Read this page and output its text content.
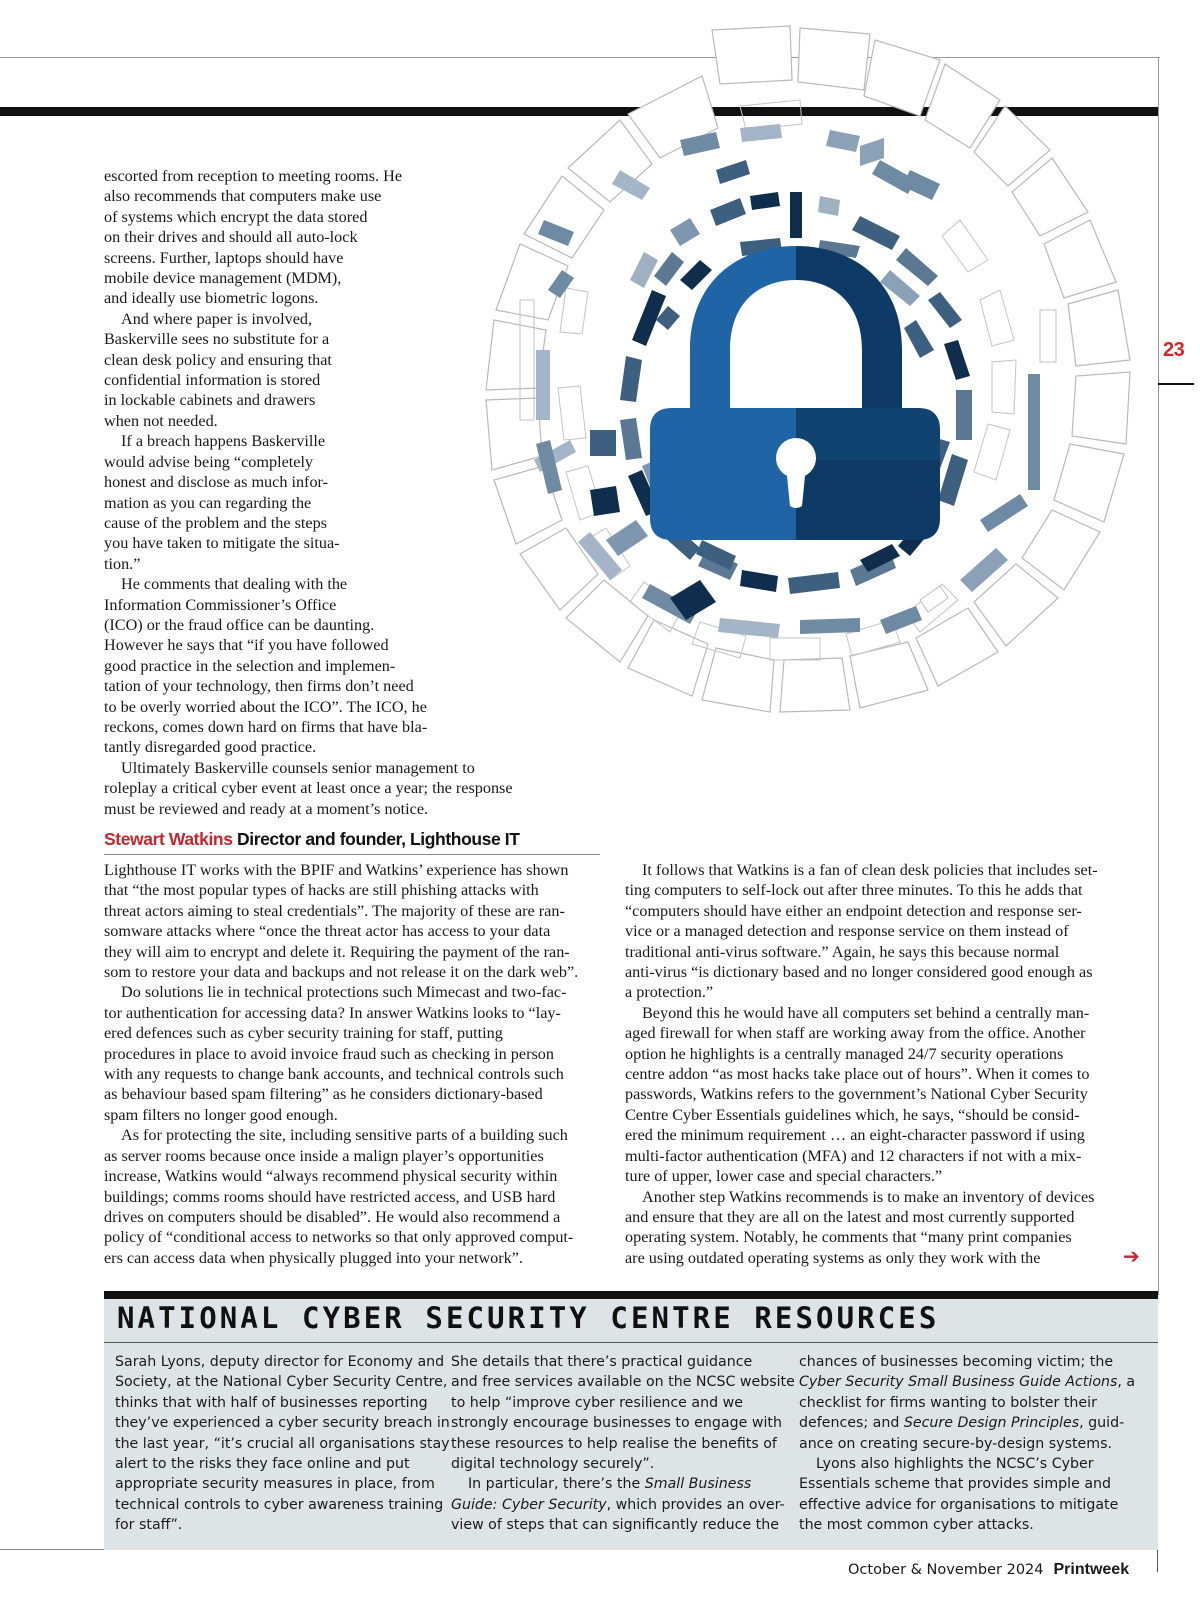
23
escorted from reception to meeting rooms. He
also recommends that computers make use
of systems which encrypt the data stored
on their drives and should all auto-lock
screens. Further, laptops should have
mobile device management (MDM),
and ideally use biometric logons.
And where paper is involved,
Baskerville sees no substitute for a
clean desk policy and ensuring that
confidential information is stored
in lockable cabinets and drawers
when not needed.
If a breach happens Baskerville
would advise being “completely
honest and disclose as much infor-
mation as you can regarding the
cause of the problem and the steps
you have taken to mitigate the situa-
tion.”
He comments that dealing with the
Information Commissioner’s Office
(ICO) or the fraud office can be daunting.
However he says that “if you have followed
good practice in the selection and implemen-
tation of your technology, then firms don’t need
to be overly worried about the ICO”. The ICO, he
reckons, comes down hard on firms that have bla-
tantly disregarded good practice.
Ultimately Baskerville counsels senior management to
roleplay a critical cyber event at least once a year; the response
must be reviewed and ready at a moment’s notice.
Stewart Watkins Director and founder, Lighthouse IT
Lighthouse IT works with the BPIF and Watkins’ experience has shown
that “the most popular types of hacks are still phishing attacks with
threat actors aiming to steal credentials”. The majority of these are ran-
somware attacks where “once the threat actor has access to your data
they will aim to encrypt and delete it. Requiring the payment of the ran-
som to restore your data and backups and not release it on the dark web”.
Do solutions lie in technical protections such Mimecast and two-fac-
tor authentication for accessing data? In answer Watkins looks to “lay-
ered defences such as cyber security training for staff, putting
procedures in place to avoid invoice fraud such as checking in person
with any requests to change bank accounts, and technical controls such
as behaviour based spam filtering” as he considers dictionary-based
spam filters no longer good enough.
As for protecting the site, including sensitive parts of a building such
as server rooms because once inside a malign player’s opportunities
increase, Watkins would “always recommend physical security within
buildings; comms rooms should have restricted access, and USB hard
drives on computers should be disabled”. He would also recommend a
policy of “conditional access to networks so that only approved comput-
ers can access data when physically plugged into your network”.
It follows that Watkins is a fan of clean desk policies that includes set-
ting computers to self-lock out after three minutes. To this he adds that
“computers should have either an endpoint detection and response ser-
vice or a managed detection and response service on them instead of
traditional anti-virus software.” Again, he says this because normal
anti-virus “is dictionary based and no longer considered good enough as
a protection.”
Beyond this he would have all computers set behind a centrally man-
aged firewall for when staff are working away from the office. Another
option he highlights is a centrally managed 24/7 security operations
centre addon “as most hacks take place out of hours”. When it comes to
passwords, Watkins refers to the government’s National Cyber Security
Centre Cyber Essentials guidelines which, he says, “should be consid-
ered the minimum requirement … an eight-character password if using
multi-factor authentication (MFA) and 12 characters if not with a mix-
ture of upper, lower case and special characters.”
Another step Watkins recommends is to make an inventory of devices
and ensure that they are all on the latest and most currently supported
operating system. Notably, he comments that “many print companies
are using outdated operating systems as only they work with the	➔
NATIONAL CYBER SECURITY CENTRE RESOURCES
Sarah Lyons, deputy director for Economy and
Society, at the National Cyber Security Centre,
thinks that with half of businesses reporting
they’ve experienced a cyber security breach in
the last year, “it’s crucial all organisations stay
alert to the risks they face online and put
appropriate security measures in place, from
technical controls to cyber awareness training
for staff”.
She details that there’s practical guidance
and free services available on the NCSC website
to help “improve cyber resilience and we
strongly encourage businesses to engage with
these resources to help realise the benefits of
digital technology securely”.
In particular, there’s the Small Business
Guide: Cyber Security, which provides an over-
view of steps that can significantly reduce the
chances of businesses becoming victim; the
Cyber Security Small Business Guide Actions, a
checklist for firms wanting to bolster their
defences; and Secure Design Principles, guid-
ance on creating secure-by-design systems.
Lyons also highlights the NCSC’s Cyber
Essentials scheme that provides simple and
effective advice for organisations to mitigate
the most common cyber attacks.
October & November 2024 Printweek
